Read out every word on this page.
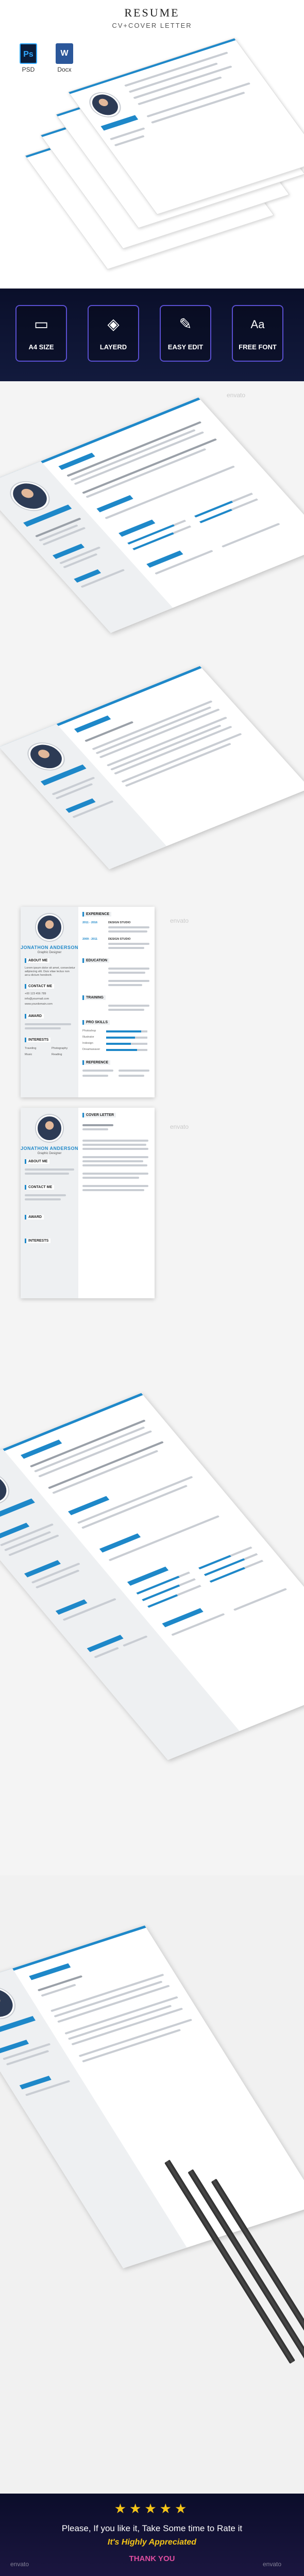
RESUME
CV+COVER LETTER
Ps
PSD
W
Docx
▭
A4 SIZE
◈
LAYERD
✎
EASY EDIT
Aa
FREE FONT
envato
JONATHON ANDERSON
Graphic Designer
ABOUT ME
Lorem ipsum dolor sit amet, consectetur adipiscing elit. Duis vitae lectus non arcu dictum hendrerit.
CONTACT ME
+00 123 456 789
info@yourmail.com
www.yourdomain.com
AWARD
INTERESTS
Traveling	Photography
Music	Reading
EXPERIENCE
2011 - 2016	DESIGN STUDIO
2009 - 2011	DESIGN STUDIO
EDUCATION
TRAINING
PRO SKILLS
Photoshop
Illustrator
Indesign
Dreamweaver
REFERENCE
JONATHON ANDERSON
Graphic Designer
ABOUT ME
CONTACT ME
AWARD
INTERESTS
COVER LETTER
envato
envato
★★★★★
Please, If you like it, Take Some time to Rate it
It's Highly Appreciated
THANK YOU
envato	envato
